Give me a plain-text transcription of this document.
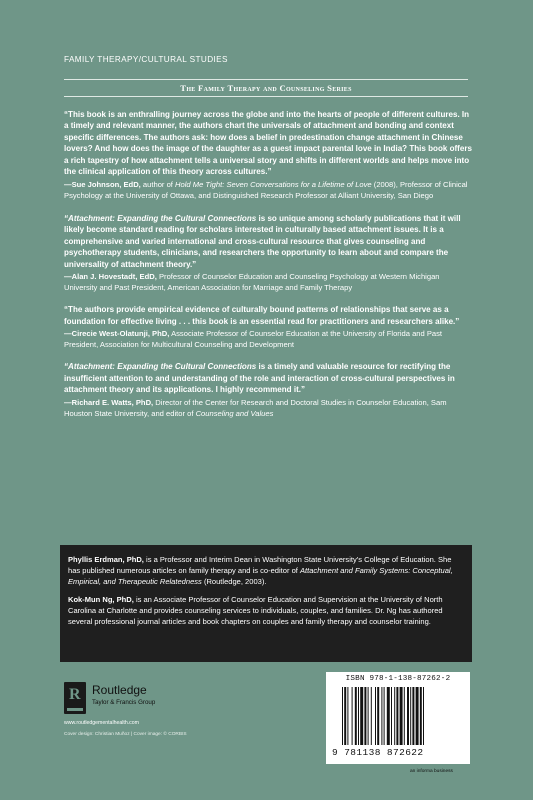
FAMILY THERAPY/CULTURAL STUDIES
The Family Therapy and Counseling Series
“This book is an enthralling journey across the globe and into the hearts of people of different cultures. In a timely and relevant manner, the authors chart the universals of attachment and bonding and context specific differences. The authors ask: how does a belief in predestination change attachment in Chinese lovers? And how does the image of the daughter as a guest impact parental love in India? This book offers a rich tapestry of how attachment tells a universal story and shifts in different worlds and helps move into the clinical application of this theory across cultures.”
—Sue Johnson, EdD, author of Hold Me Tight: Seven Conversations for a Lifetime of Love (2008), Professor of Clinical Psychology at the University of Ottawa, and Distinguished Research Professor at Alliant University, San Diego
“Attachment: Expanding the Cultural Connections is so unique among scholarly publications that it will likely become standard reading for scholars interested in culturally based attachment issues. It is a comprehensive and varied international and cross-cultural resource that gives counseling and psychotherapy students, clinicians, and researchers the opportunity to learn about and compare the universality of attachment theory.”
—Alan J. Hovestadt, EdD, Professor of Counselor Education and Counseling Psychology at Western Michigan University and Past President, American Association for Marriage and Family Therapy
“The authors provide empirical evidence of culturally bound patterns of relationships that serve as a foundation for effective living . . . this book is an essential read for practitioners and researchers alike.”
—Cirecie West-Olatunji, PhD, Associate Professor of Counselor Education at the University of Florida and Past President, Association for Multicultural Counseling and Development
“Attachment: Expanding the Cultural Connections is a timely and valuable resource for rectifying the insufficient attention to and understanding of the role and interaction of cross-cultural perspectives in attachment theory and its applications. I highly recommend it.”
—Richard E. Watts, PhD, Director of the Center for Research and Doctoral Studies in Counselor Education, Sam Houston State University, and editor of Counseling and Values
Phyllis Erdman, PhD, is a Professor and Interim Dean in Washington State University’s College of Education. She has published numerous articles on family therapy and is co-editor of Attachment and Family Systems: Conceptual, Empirical, and Therapeutic Relatedness (Routledge, 2003).
Kok-Mun Ng, PhD, is an Associate Professor of Counselor Education and Supervision at the University of North Carolina at Charlotte and provides counseling services to individuals, couples, and families. Dr. Ng has authored several professional journal articles and book chapters on couples and family therapy and counselor training.
R Routledge
Taylor & Francis Group
www.routledgementalhealth.com
Cover design: Christian Muñoz | Cover image: © CORBIS
ISBN 978-1-138-87262-2
9 781138 872622
an informa business
